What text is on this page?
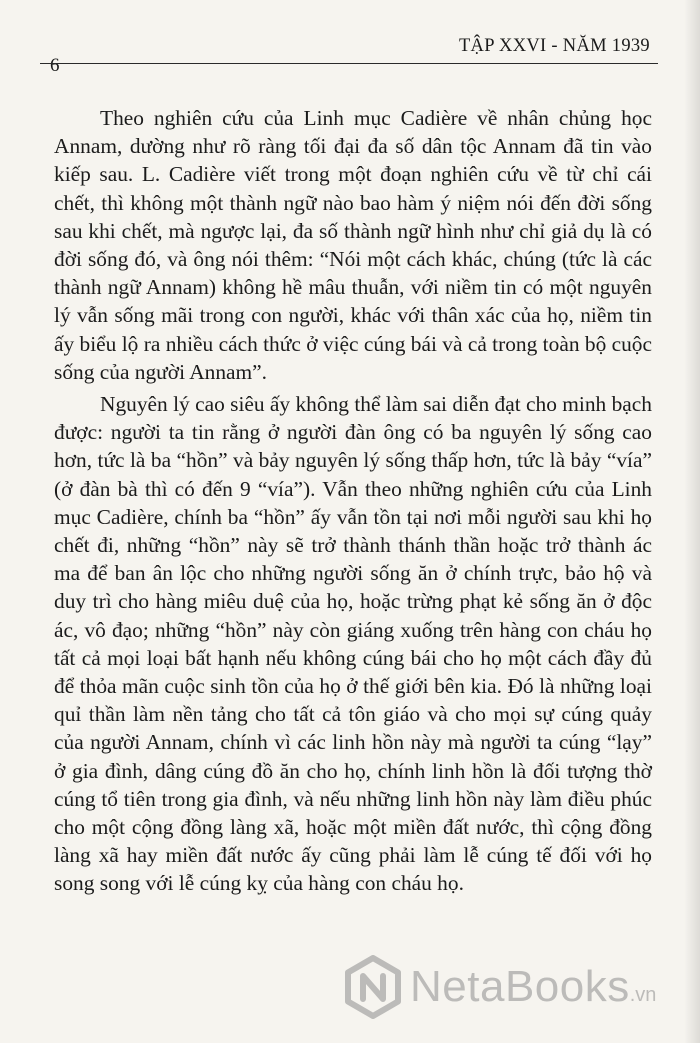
6
TẬP XXVI - NĂM 1939

Theo nghiên cứu của Linh mục Cadière về nhân chủng học Annam, dường như rõ ràng tối đại đa số dân tộc Annam đã tin vào kiếp sau. L. Cadière viết trong một đoạn nghiên cứu về từ chỉ cái chết, thì không một thành ngữ nào bao hàm ý niệm nói đến đời sống sau khi chết, mà ngược lại, đa số thành ngữ hình như chỉ giả dụ là có đời sống đó, và ông nói thêm: “Nói một cách khác, chúng (tức là các thành ngữ Annam) không hề mâu thuẫn, với niềm tin có một nguyên lý vẫn sống mãi trong con người, khác với thân xác của họ, niềm tin ấy biểu lộ ra nhiều cách thức ở việc cúng bái và cả trong toàn bộ cuộc sống của người Annam”.

Nguyên lý cao siêu ấy không thể làm sai diễn đạt cho minh bạch được: người ta tin rằng ở người đàn ông có ba nguyên lý sống cao hơn, tức là ba “hồn” và bảy nguyên lý sống thấp hơn, tức là bảy “vía” (ở đàn bà thì có đến 9 “vía”). Vẫn theo những nghiên cứu của Linh mục Cadière, chính ba “hồn” ấy vẫn tồn tại nơi mỗi người sau khi họ chết đi, những “hồn” này sẽ trở thành thánh thần hoặc trở thành ác ma để ban ân lộc cho những người sống ăn ở chính trực, bảo hộ và duy trì cho hàng miêu duệ của họ, hoặc trừng phạt kẻ sống ăn ở độc ác, vô đạo; những “hồn” này còn giáng xuống trên hàng con cháu họ tất cả mọi loại bất hạnh nếu không cúng bái cho họ một cách đầy đủ để thỏa mãn cuộc sinh tồn của họ ở thế giới bên kia. Đó là những loại quỉ thần làm nền tảng cho tất cả tôn giáo và cho mọi sự cúng quảy của người Annam, chính vì các linh hồn này mà người ta cúng “lạy” ở gia đình, dâng cúng đồ ăn cho họ, chính linh hồn là đối tượng thờ cúng tổ tiên trong gia đình, và nếu những linh hồn này làm điều phúc cho một cộng đồng làng xã, hoặc một miền đất nước, thì cộng đồng làng xã hay miền đất nước ấy cũng phải làm lễ cúng tế đối với họ song song với lễ cúng kỵ của hàng con cháu họ.

NetaBooks.vn
